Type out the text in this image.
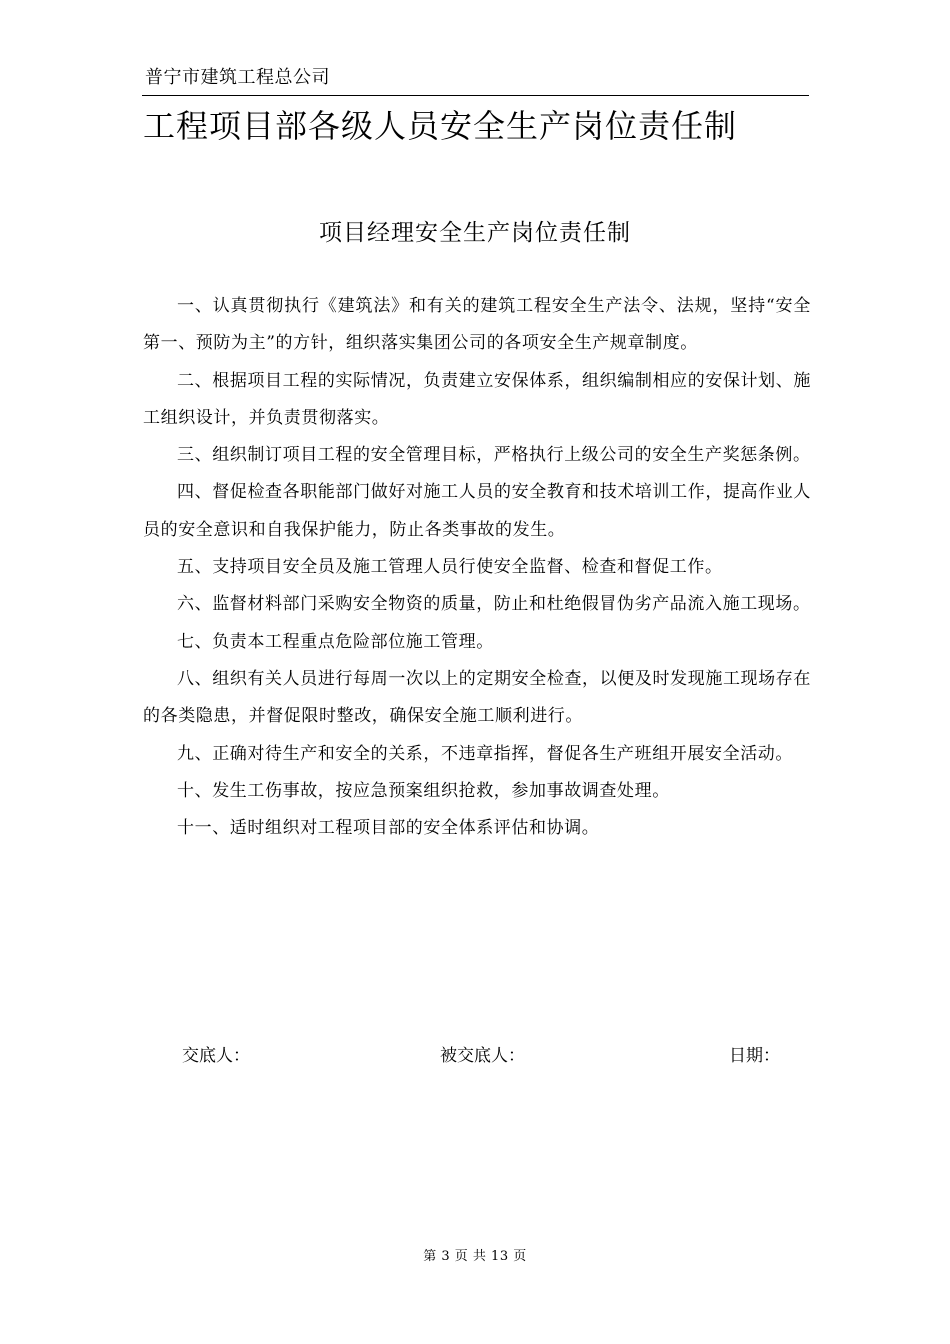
普宁市建筑工程总公司
工程项目部各级人员安全生产岗位责任制
项目经理安全生产岗位责任制

一、认真贯彻执行《建筑法》和有关的建筑工程安全生产法令、法规，坚持“安全第一、预防为主”的方针，组织落实集团公司的各项安全生产规章制度。

二、根据项目工程的实际情况，负责建立安保体系，组织编制相应的安保计划、施工组织设计，并负责贯彻落实。

三、组织制订项目工程的安全管理目标，严格执行上级公司的安全生产奖惩条例。

四、督促检查各职能部门做好对施工人员的安全教育和技术培训工作，提高作业人员的安全意识和自我保护能力，防止各类事故的发生。

五、支持项目安全员及施工管理人员行使安全监督、检查和督促工作。

六、监督材料部门采购安全物资的质量，防止和杜绝假冒伪劣产品流入施工现场。

七、负责本工程重点危险部位施工管理。

八、组织有关人员进行每周一次以上的定期安全检查，以便及时发现施工现场存在的各类隐患，并督促限时整改，确保安全施工顺利进行。

九、正确对待生产和安全的关系，不违章指挥，督促各生产班组开展安全活动。

十、发生工伤事故，按应急预案组织抢救，参加事故调查处理。

十一、适时组织对工程项目部的安全体系评估和协调。

交底人：	被交底人：	日期：
第 3 页 共 13 页
